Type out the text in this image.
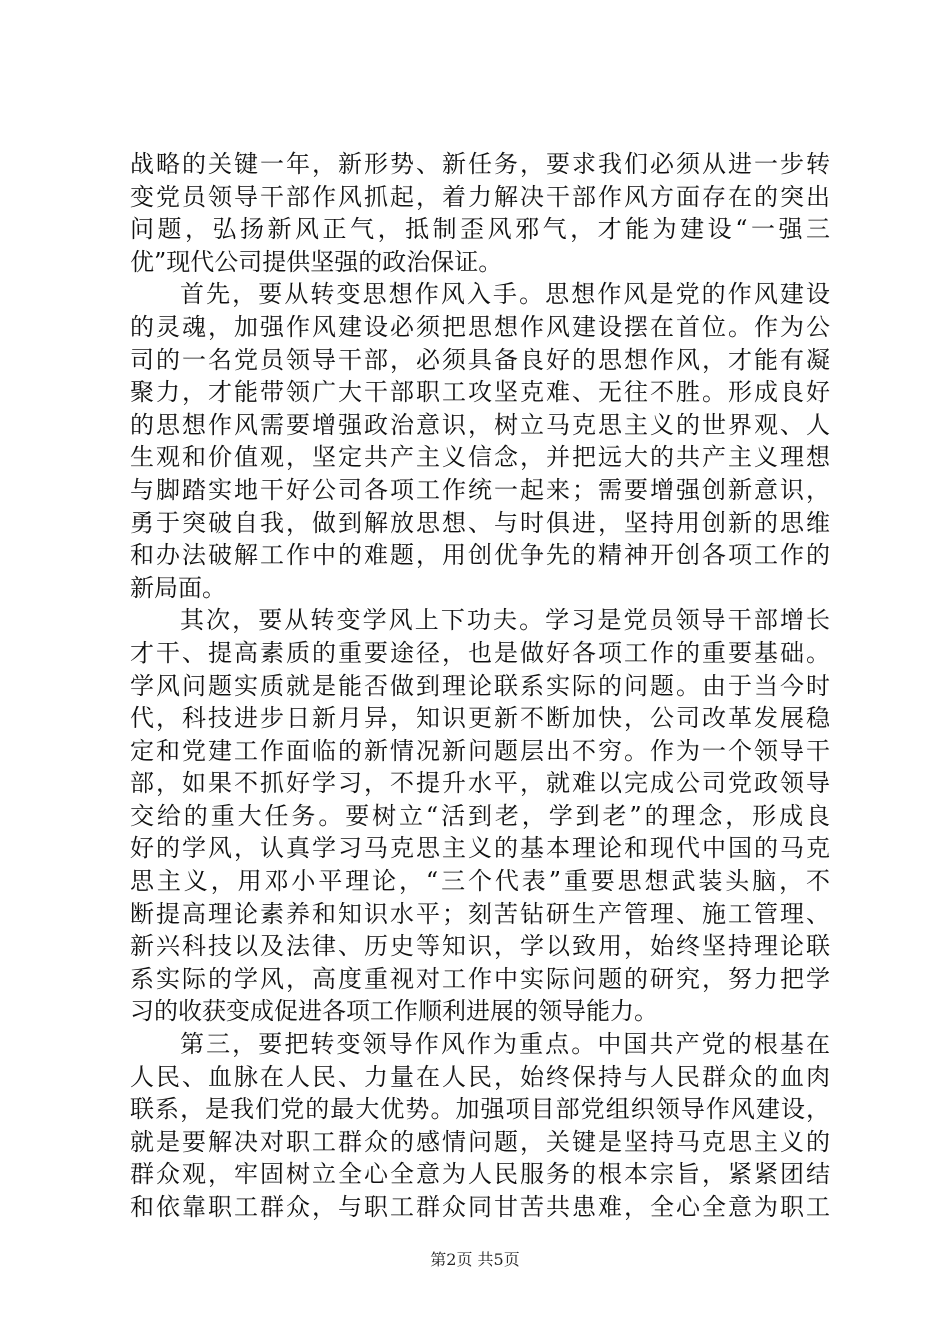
战略的关键一年，新形势、新任务，要求我们必须从进一步转
变党员领导干部作风抓起，着力解决干部作风方面存在的突出
问题，弘扬新风正气，抵制歪风邪气，才能为建设“一强三
优”现代公司提供坚强的政治保证。
首先，要从转变思想作风入手。思想作风是党的作风建设
的灵魂，加强作风建设必须把思想作风建设摆在首位。作为公
司的一名党员领导干部，必须具备良好的思想作风，才能有凝
聚力，才能带领广大干部职工攻坚克难、无往不胜。形成良好
的思想作风需要增强政治意识，树立马克思主义的世界观、人
生观和价值观，坚定共产主义信念，并把远大的共产主义理想
与脚踏实地干好公司各项工作统一起来；需要增强创新意识，
勇于突破自我，做到解放思想、与时俱进，坚持用创新的思维
和办法破解工作中的难题，用创优争先的精神开创各项工作的
新局面。
其次，要从转变学风上下功夫。学习是党员领导干部增长
才干、提高素质的重要途径，也是做好各项工作的重要基础。
学风问题实质就是能否做到理论联系实际的问题。由于当今时
代，科技进步日新月异，知识更新不断加快，公司改革发展稳
定和党建工作面临的新情况新问题层出不穷。作为一个领导干
部，如果不抓好学习，不提升水平，就难以完成公司党政领导
交给的重大任务。要树立“活到老，学到老”的理念，形成良
好的学风，认真学习马克思主义的基本理论和现代中国的马克
思主义，用邓小平理论，“三个代表”重要思想武装头脑，不
断提高理论素养和知识水平；刻苦钻研生产管理、施工管理、
新兴科技以及法律、历史等知识，学以致用，始终坚持理论联
系实际的学风，高度重视对工作中实际问题的研究，努力把学
习的收获变成促进各项工作顺利进展的领导能力。
第三，要把转变领导作风作为重点。中国共产党的根基在
人民、血脉在人民、力量在人民，始终保持与人民群众的血肉
联系，是我们党的最大优势。加强项目部党组织领导作风建设，
就是要解决对职工群众的感情问题，关键是坚持马克思主义的
群众观，牢固树立全心全意为人民服务的根本宗旨，紧紧团结
和依靠职工群众，与职工群众同甘苦共患难，全心全意为职工
第2页 共5页
